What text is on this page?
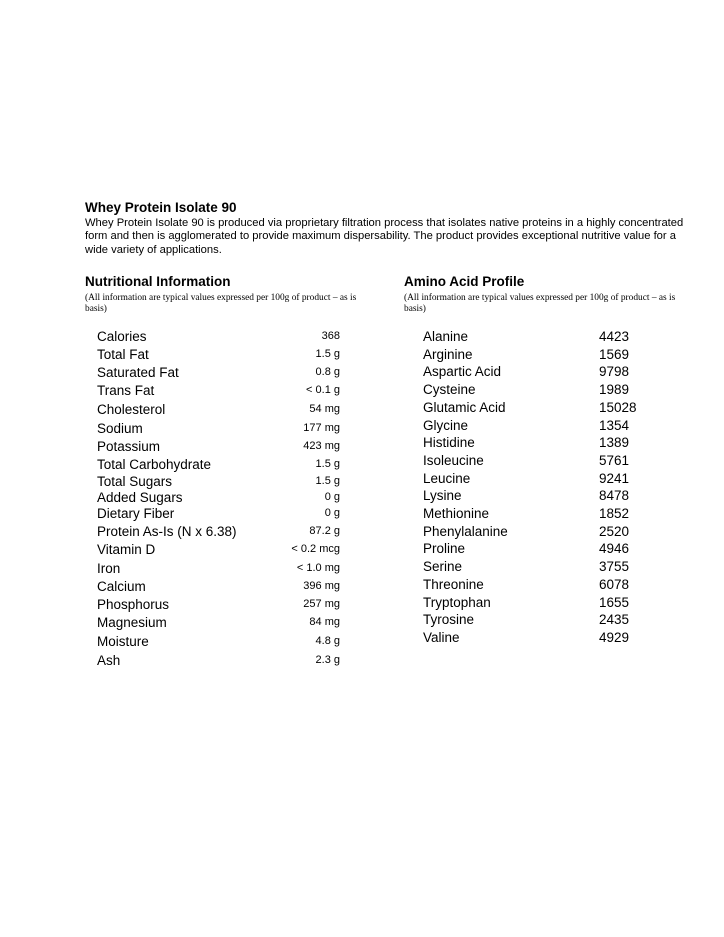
Whey Protein Isolate 90

Whey Protein Isolate 90 is produced via proprietary filtration process that isolates native proteins in a highly concentrated form and then is agglomerated to provide maximum dispersability. The product provides exceptional nutritive value for a wide variety of applications.

Nutritional Information
(All information are typical values expressed per 100g of product – as is basis)
Amino Acid Profile
(All information are typical values expressed per 100g of product – as is basis)
Calories	368
Total Fat	1.5 g
Saturated Fat	0.8 g
Trans Fat	< 0.1 g
Cholesterol	54 mg
Sodium	177 mg
Potassium	423 mg
Total Carbohydrate	1.5 g
Total Sugars	1.5 g
Added Sugars	0 g
Dietary Fiber	0 g
Protein As-Is (N x 6.38)	87.2 g
Vitamin D	< 0.2 mcg
Iron	< 1.0 mg
Calcium	396 mg
Phosphorus	257 mg
Magnesium	84 mg
Moisture	4.8 g
Ash	2.3 g
Alanine	4423
Arginine	1569
Aspartic Acid	9798
Cysteine	1989
Glutamic Acid	15028
Glycine	1354
Histidine	1389
Isoleucine	5761
Leucine	9241
Lysine	8478
Methionine	1852
Phenylalanine	2520
Proline	4946
Serine	3755
Threonine	6078
Tryptophan	1655
Tyrosine	2435
Valine	4929
